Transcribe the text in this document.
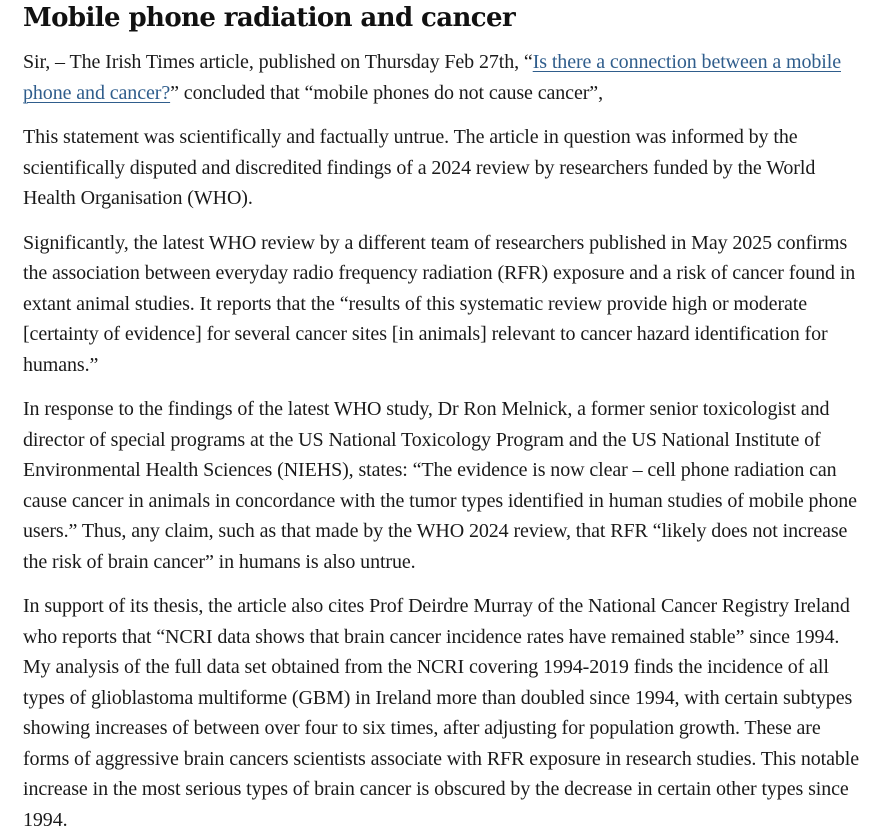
Mobile phone radiation and cancer

Sir, – The Irish Times article, published on Thursday Feb 27th, “Is there a connection between a mobile phone and cancer?” concluded that “mobile phones do not cause cancer”,

This statement was scientifically and factually untrue. The article in question was informed by the scientifically disputed and discredited findings of a 2024 review by researchers funded by the World Health Organisation (WHO).

Significantly, the latest WHO review by a different team of researchers published in May 2025 confirms the association between everyday radio frequency radiation (RFR) exposure and a risk of cancer found in extant animal studies. It reports that the “results of this systematic review provide high or moderate [certainty of evidence] for several cancer sites [in animals] relevant to cancer hazard identification for humans.”

In response to the findings of the latest WHO study, Dr Ron Melnick, a former senior toxicologist and director of special programs at the US National Toxicology Program and the US National Institute of Environmental Health Sciences (NIEHS), states: “The evidence is now clear – cell phone radiation can cause cancer in animals in concordance with the tumor types identified in human studies of mobile phone users.” Thus, any claim, such as that made by the WHO 2024 review, that RFR “likely does not increase the risk of brain cancer” in humans is also untrue.

In support of its thesis, the article also cites Prof Deirdre Murray of the National Cancer Registry Ireland who reports that “NCRI data shows that brain cancer incidence rates have remained stable” since 1994. My analysis of the full data set obtained from the NCRI covering 1994-2019 finds the incidence of all types of glioblastoma multiforme (GBM) in Ireland more than doubled since 1994, with certain subtypes showing increases of between over four to six times, after adjusting for population growth. These are forms of aggressive brain cancers scientists associate with RFR exposure in research studies. This notable increase in the most serious types of brain cancer is obscured by the decrease in certain other types since 1994.
